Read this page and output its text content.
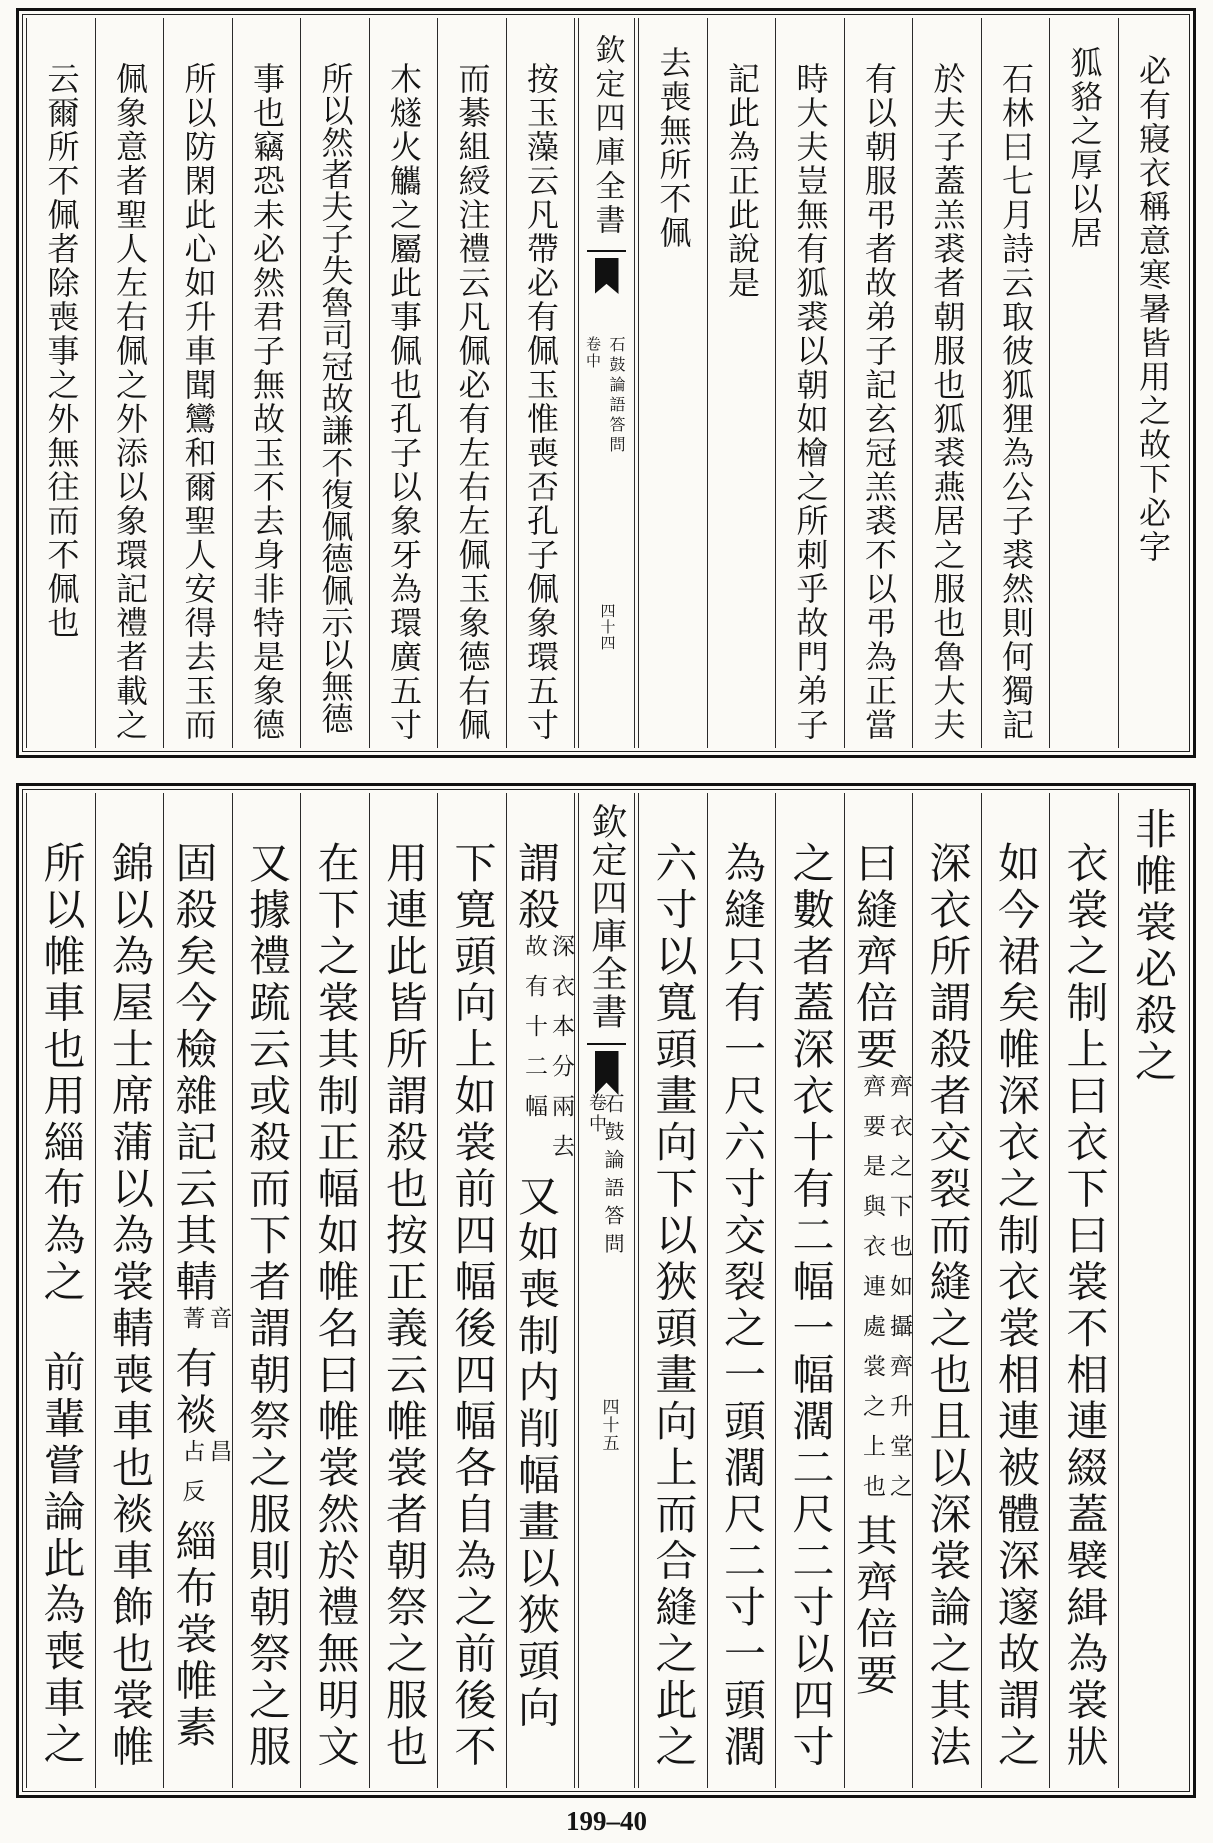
必有寢衣稱意寒暑皆用之故下必字
狐貉之厚以居
石林曰七月詩云取彼狐狸為公子裘然則何獨記
於夫子蓋羔裘者朝服也狐裘燕居之服也魯大夫
有以朝服弔者故弟子記玄冠羔裘不以弔為正當
時大夫豈無有狐裘以朝如檜之所刺乎故門弟子
記此為正此說是
去喪無所不佩
欽定四庫全書
石鼓論語答問
卷中
四十四
按玉藻云凡帶必有佩玉惟喪否孔子佩象環五寸
而綦組綬注禮云凡佩必有左右左佩玉象德右佩
木燧火觿之屬此事佩也孔子以象牙為環廣五寸
所以然者夫子失魯司冠故謙不復佩德佩示以無德
事也竊恐未必然君子無故玉不去身非特是象德
所以防閑此心如升車聞鸞和爾聖人安得去玉而
佩象意者聖人左右佩之外添以象環記禮者載之
云爾所不佩者除喪事之外無往而不佩也
非帷裳必殺之
衣裳之制上曰衣下曰裳不相連綴蓋襞緝為裳狀
如今裙矣帷深衣之制衣裳相連被體深邃故謂之
深衣所謂殺者交裂而縫之也且以深裳論之其法
曰縫齊倍要
齊衣之下也如攝齊升堂之
齊要是與衣連處裳之上也
其齊倍要
之數者蓋深衣十有二幅一幅濶二尺二寸以四寸
為縫只有一尺六寸交裂之一頭濶尺二寸一頭濶
六寸以寬頭畫向下以狹頭畫向上而合縫之此之
欽定四庫全書
石鼓論語答問
卷中
四十五
謂殺
深衣本分兩去
故有十二幅
又如喪制内削幅畫以狹頭向
下寛頭向上如裳前四幅後四幅各自為之前後不
用連此皆所謂殺也按正義云帷裳者朝祭之服也
在下之裳其制正幅如帷名曰帷裳然於禮無明文
又據禮䟽云或殺而下者謂朝祭之服則朝祭之服
固殺矣今檢雜記云其輤
音
菁
有裧
昌
占反
緇布裳帷素
錦以為屋士席蒲以為裳輤喪車也裧車飾也裳帷
所以帷車也用緇布為之前輩嘗論此為喪車之
199–40
